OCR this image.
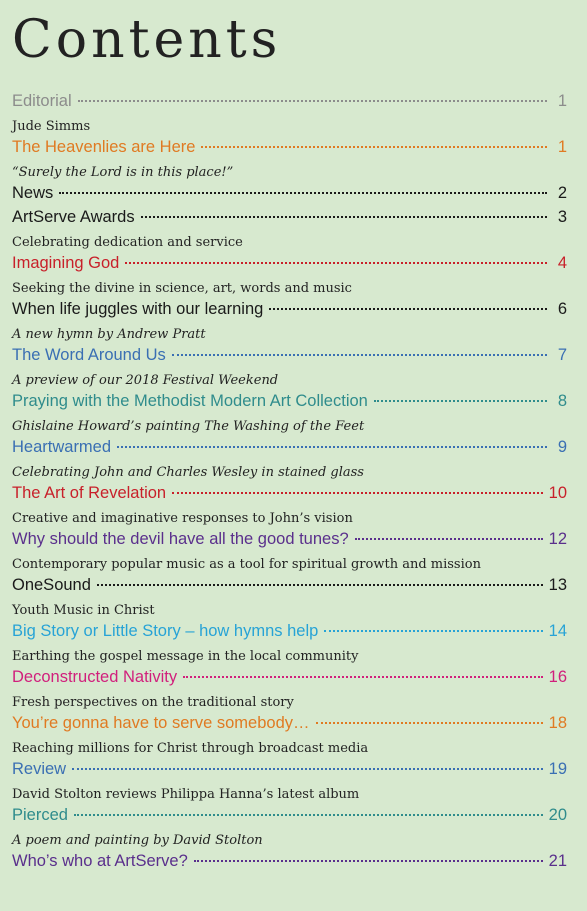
Contents
Editorial	1
Jude Simms
The Heavenlies are Here	1
“Surely the Lord is in this place!”
News	2
ArtServe Awards	3
Celebrating dedication and service
Imagining God	4
Seeking the divine in science, art, words and music
When life juggles with our learning	6
A new hymn by Andrew Pratt
The Word Around Us	7
A preview of our 2018 Festival Weekend
Praying with the Methodist Modern Art Collection	8
Ghislaine Howard’s painting The Washing of the Feet
Heartwarmed	9
Celebrating John and Charles Wesley in stained glass
The Art of Revelation	10
Creative and imaginative responses to John’s vision
Why should the devil have all the good tunes?	12
Contemporary popular music as a tool for spiritual growth and mission
OneSound	13
Youth Music in Christ
Big Story or Little Story – how hymns help	14
Earthing the gospel message in the local community
Deconstructed Nativity	16
Fresh perspectives on the traditional story
You’re gonna have to serve somebody…	18
Reaching millions for Christ through broadcast media
Review	19
David Stolton reviews Philippa Hanna’s latest album
Pierced	20
A poem and painting by David Stolton
Who’s who at ArtServe?	21
